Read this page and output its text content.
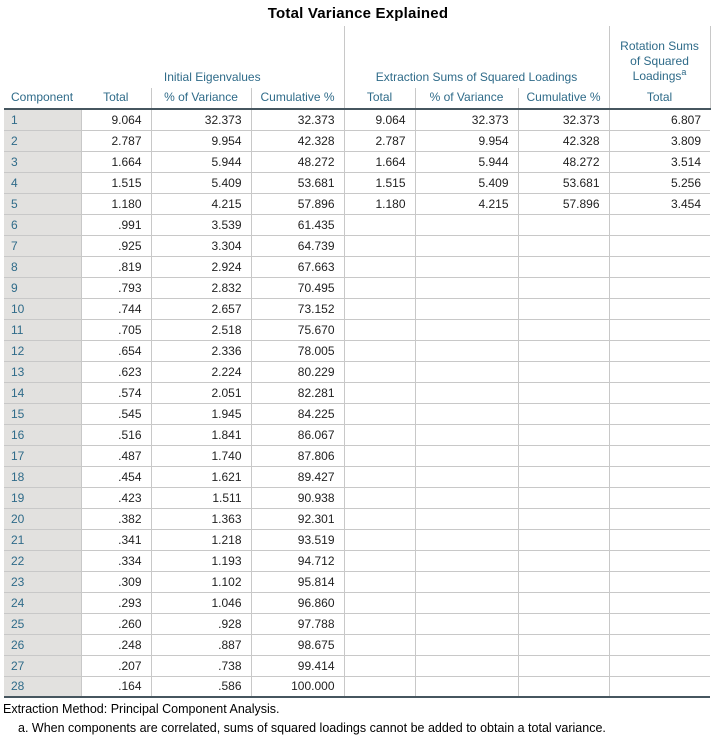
Total Variance Explained
Component	Initial Eigenvalues			Extraction Sums of Squared Loadings			Rotation Sums of Squared Loadings$^a$
	Total	% of Variance	Cumulative %	Total	% of Variance	Cumulative %	Total
1	9.064	32.373	32.373	9.064	32.373	32.373	6.807
2	2.787	9.954	42.328	2.787	9.954	42.328	3.809
3	1.664	5.944	48.272	1.664	5.944	48.272	3.514
4	1.515	5.409	53.681	1.515	5.409	53.681	5.256
5	1.180	4.215	57.896	1.180	4.215	57.896	3.454
6	.991	3.539	61.435				
7	.925	3.304	64.739				
8	.819	2.924	67.663				
9	.793	2.832	70.495				
10	.744	2.657	73.152				
11	.705	2.518	75.670				
12	.654	2.336	78.005				
13	.623	2.224	80.229				
14	.574	2.051	82.281				
15	.545	1.945	84.225				
16	.516	1.841	86.067				
17	.487	1.740	87.806				
18	.454	1.621	89.427				
19	.423	1.511	90.938				
20	.382	1.363	92.301				
21	.341	1.218	93.519				
22	.334	1.193	94.712				
23	.309	1.102	95.814				
24	.293	1.046	96.860				
25	.260	.928	97.788				
26	.248	.887	98.675				
27	.207	.738	99.414				
28	.164	.586	100.000				
Extraction Method: Principal Component Analysis.
a. When components are correlated, sums of squared loadings cannot be added to obtain a total variance.
